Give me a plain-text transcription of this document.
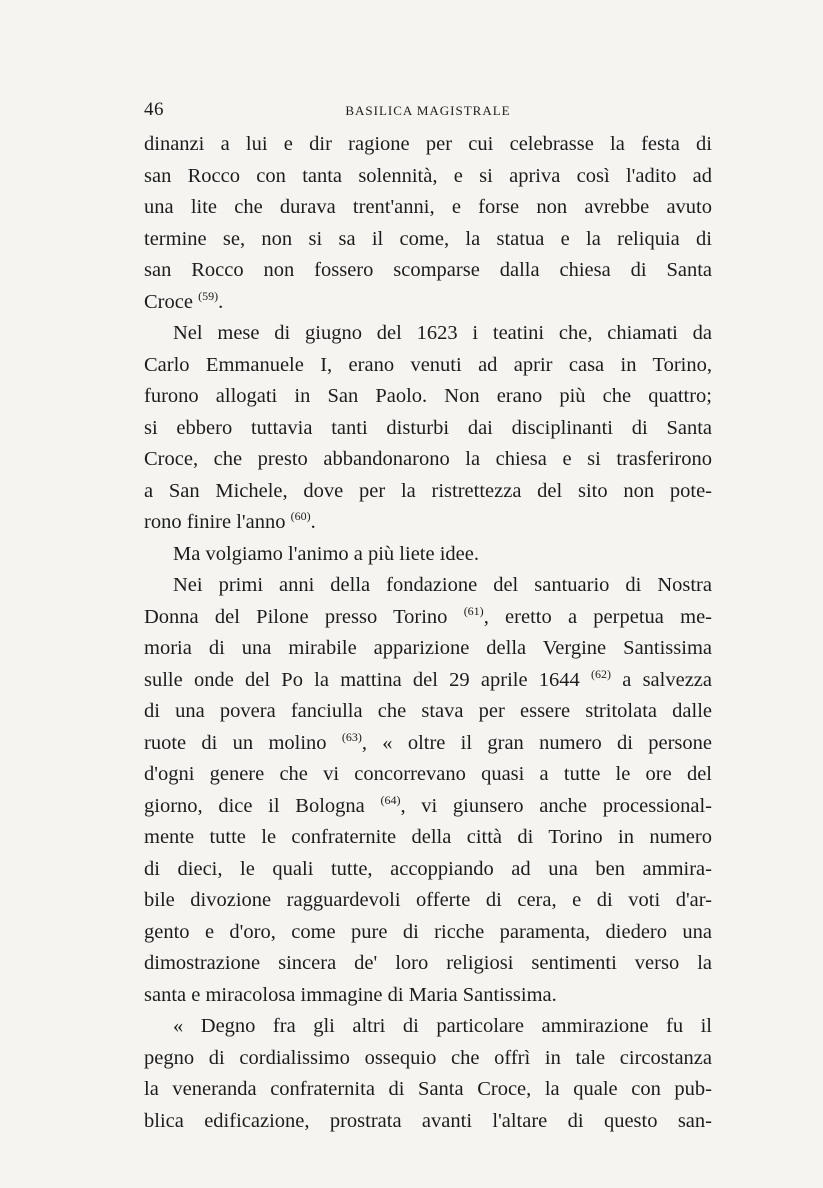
46	BASILICA MAGISTRALE
dinanzi a lui e dir ragione per cui celebrasse la festa di
san Rocco con tanta solennità, e si apriva così l'adito ad
una lite che durava trent'anni, e forse non avrebbe avuto
termine se, non si sa il come, la statua e la reliquia di
san Rocco non fossero scomparse dalla chiesa di Santa
Croce $^{(59)}$.
Nel mese di giugno del 1623 i teatini che, chiamati da
Carlo Emmanuele I, erano venuti ad aprir casa in Torino,
furono allogati in San Paolo. Non erano più che quattro;
si ebbero tuttavia tanti disturbi dai disciplinanti di Santa
Croce, che presto abbandonarono la chiesa e si trasferirono
a San Michele, dove per la ristrettezza del sito non pote-
rono finire l'anno $^{(60)}$.
Ma volgiamo l'animo a più liete idee.
Nei primi anni della fondazione del santuario di Nostra
Donna del Pilone presso Torino $^{(61)}$, eretto a perpetua me-
moria di una mirabile apparizione della Vergine Santissima
sulle onde del Po la mattina del 29 aprile 1644 $^{(62)}$ a salvezza
di una povera fanciulla che stava per essere stritolata dalle
ruote di un molino $^{(63)}$, « oltre il gran numero di persone
d'ogni genere che vi concorrevano quasi a tutte le ore del
giorno, dice il Bologna $^{(64)}$, vi giunsero anche processional-
mente tutte le confraternite della città di Torino in numero
di dieci, le quali tutte, accoppiando ad una ben ammira-
bile divozione ragguardevoli offerte di cera, e di voti d'ar-
gento e d'oro, come pure di ricche paramenta, diedero una
dimostrazione sincera de' loro religiosi sentimenti verso la
santa e miracolosa immagine di Maria Santissima.
« Degno fra gli altri di particolare ammirazione fu il
pegno di cordialissimo ossequio che offrì in tale circostanza
la veneranda confraternita di Santa Croce, la quale con pub-
blica edificazione, prostrata avanti l'altare di questo san-
